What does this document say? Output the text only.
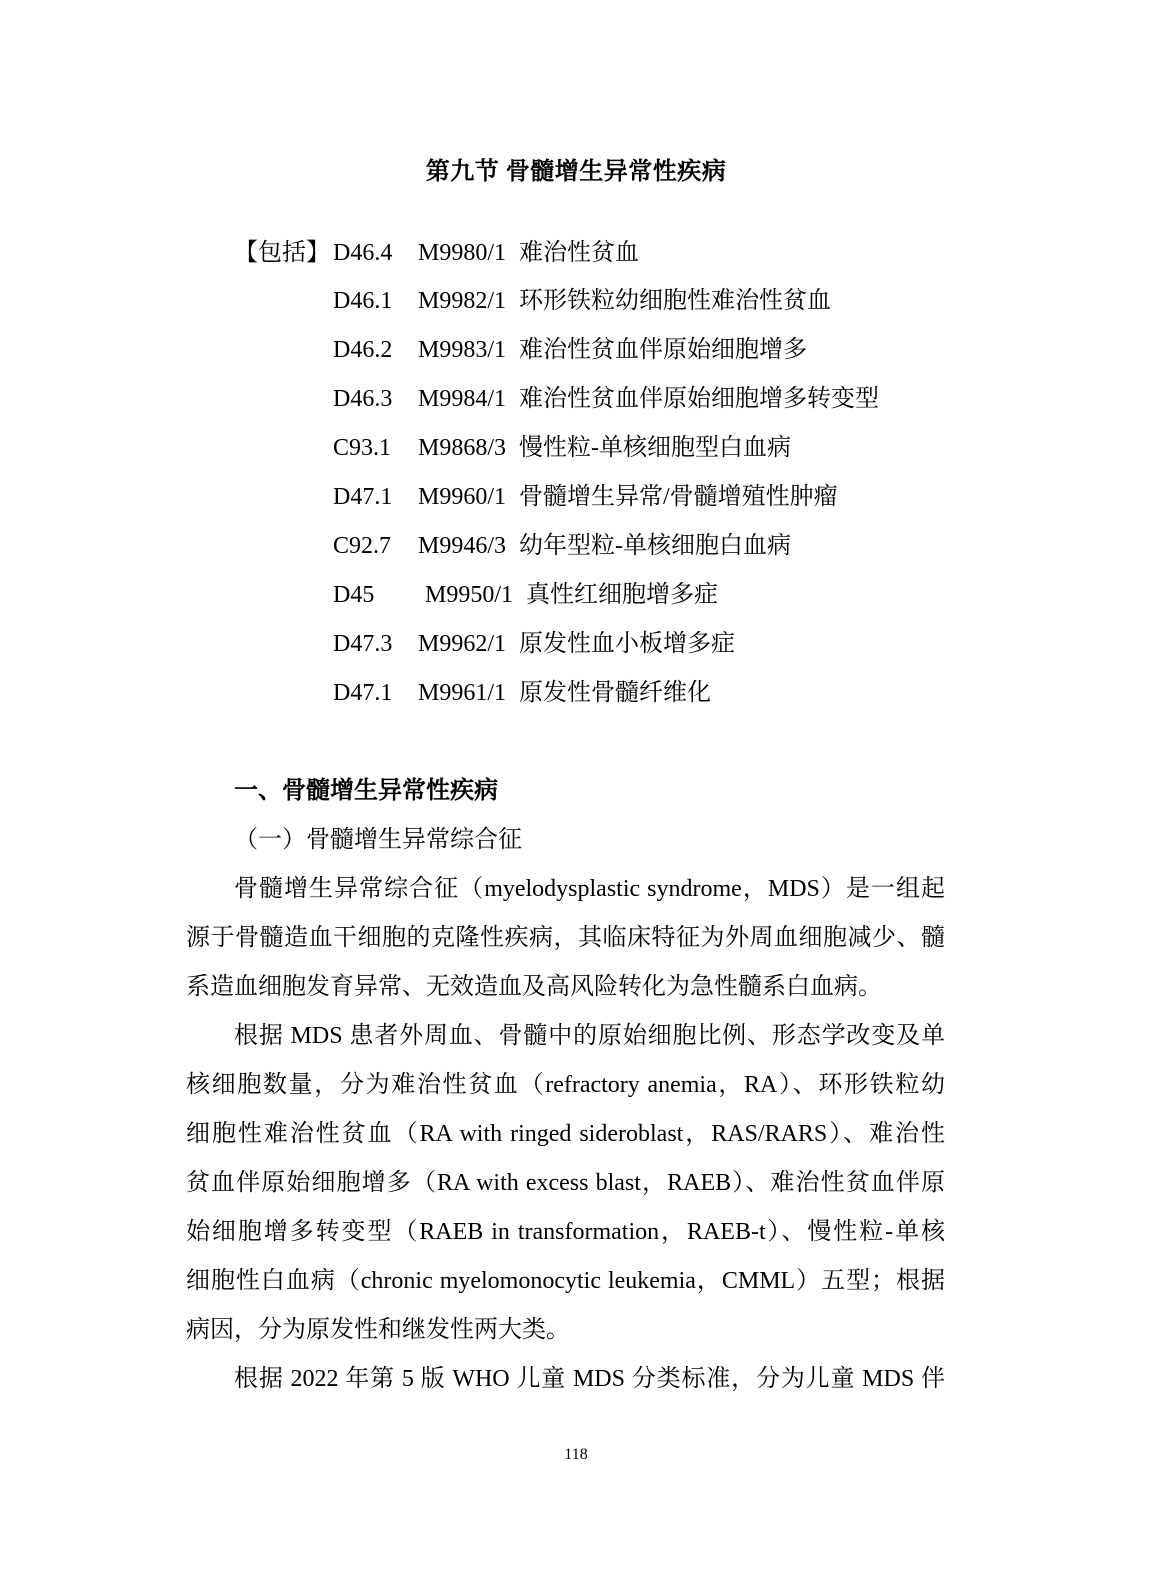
第九节 骨髓增生异常性疾病
【包括】 D46.4	M9980/1 难治性贫血
D46.1	M9982/1 环形铁粒幼细胞性难治性贫血
D46.2	M9983/1 难治性贫血伴原始细胞增多
D46.3	M9984/1 难治性贫血伴原始细胞增多转变型
C93.1	M9868/3 慢性粒-单核细胞型白血病
D47.1	M9960/1 骨髓增生异常/骨髓增殖性肿瘤
C92.7	M9946/3 幼年型粒-单核细胞白血病
D45	M9950/1 真性红细胞增多症
D47.3	M9962/1 原发性血小板增多症
D47.1	M9961/1 原发性骨髓纤维化
一、骨髓增生异常性疾病
（一）骨髓增生异常综合征
骨髓增生异常综合征（myelodysplastic syndrome，MDS）是一组起
源于骨髓造血干细胞的克隆性疾病，其临床特征为外周血细胞减少、髓
系造血细胞发育异常、无效造血及高风险转化为急性髓系白血病。
根据 MDS 患者外周血、骨髓中的原始细胞比例、形态学改变及单
核细胞数量，分为难治性贫血（refractory anemia，RA）、环形铁粒幼
细胞性难治性贫血（RA with ringed sideroblast，RAS/RARS）、难治性
贫血伴原始细胞增多（RA with excess blast，RAEB）、难治性贫血伴原
始细胞增多转变型（RAEB in transformation，RAEB-t）、慢性粒-单核
细胞性白血病（chronic myelomonocytic leukemia，CMML）五型；根据
病因，分为原发性和继发性两大类。
根据 2022 年第 5 版 WHO 儿童 MDS 分类标准，分为儿童 MDS 伴
118
